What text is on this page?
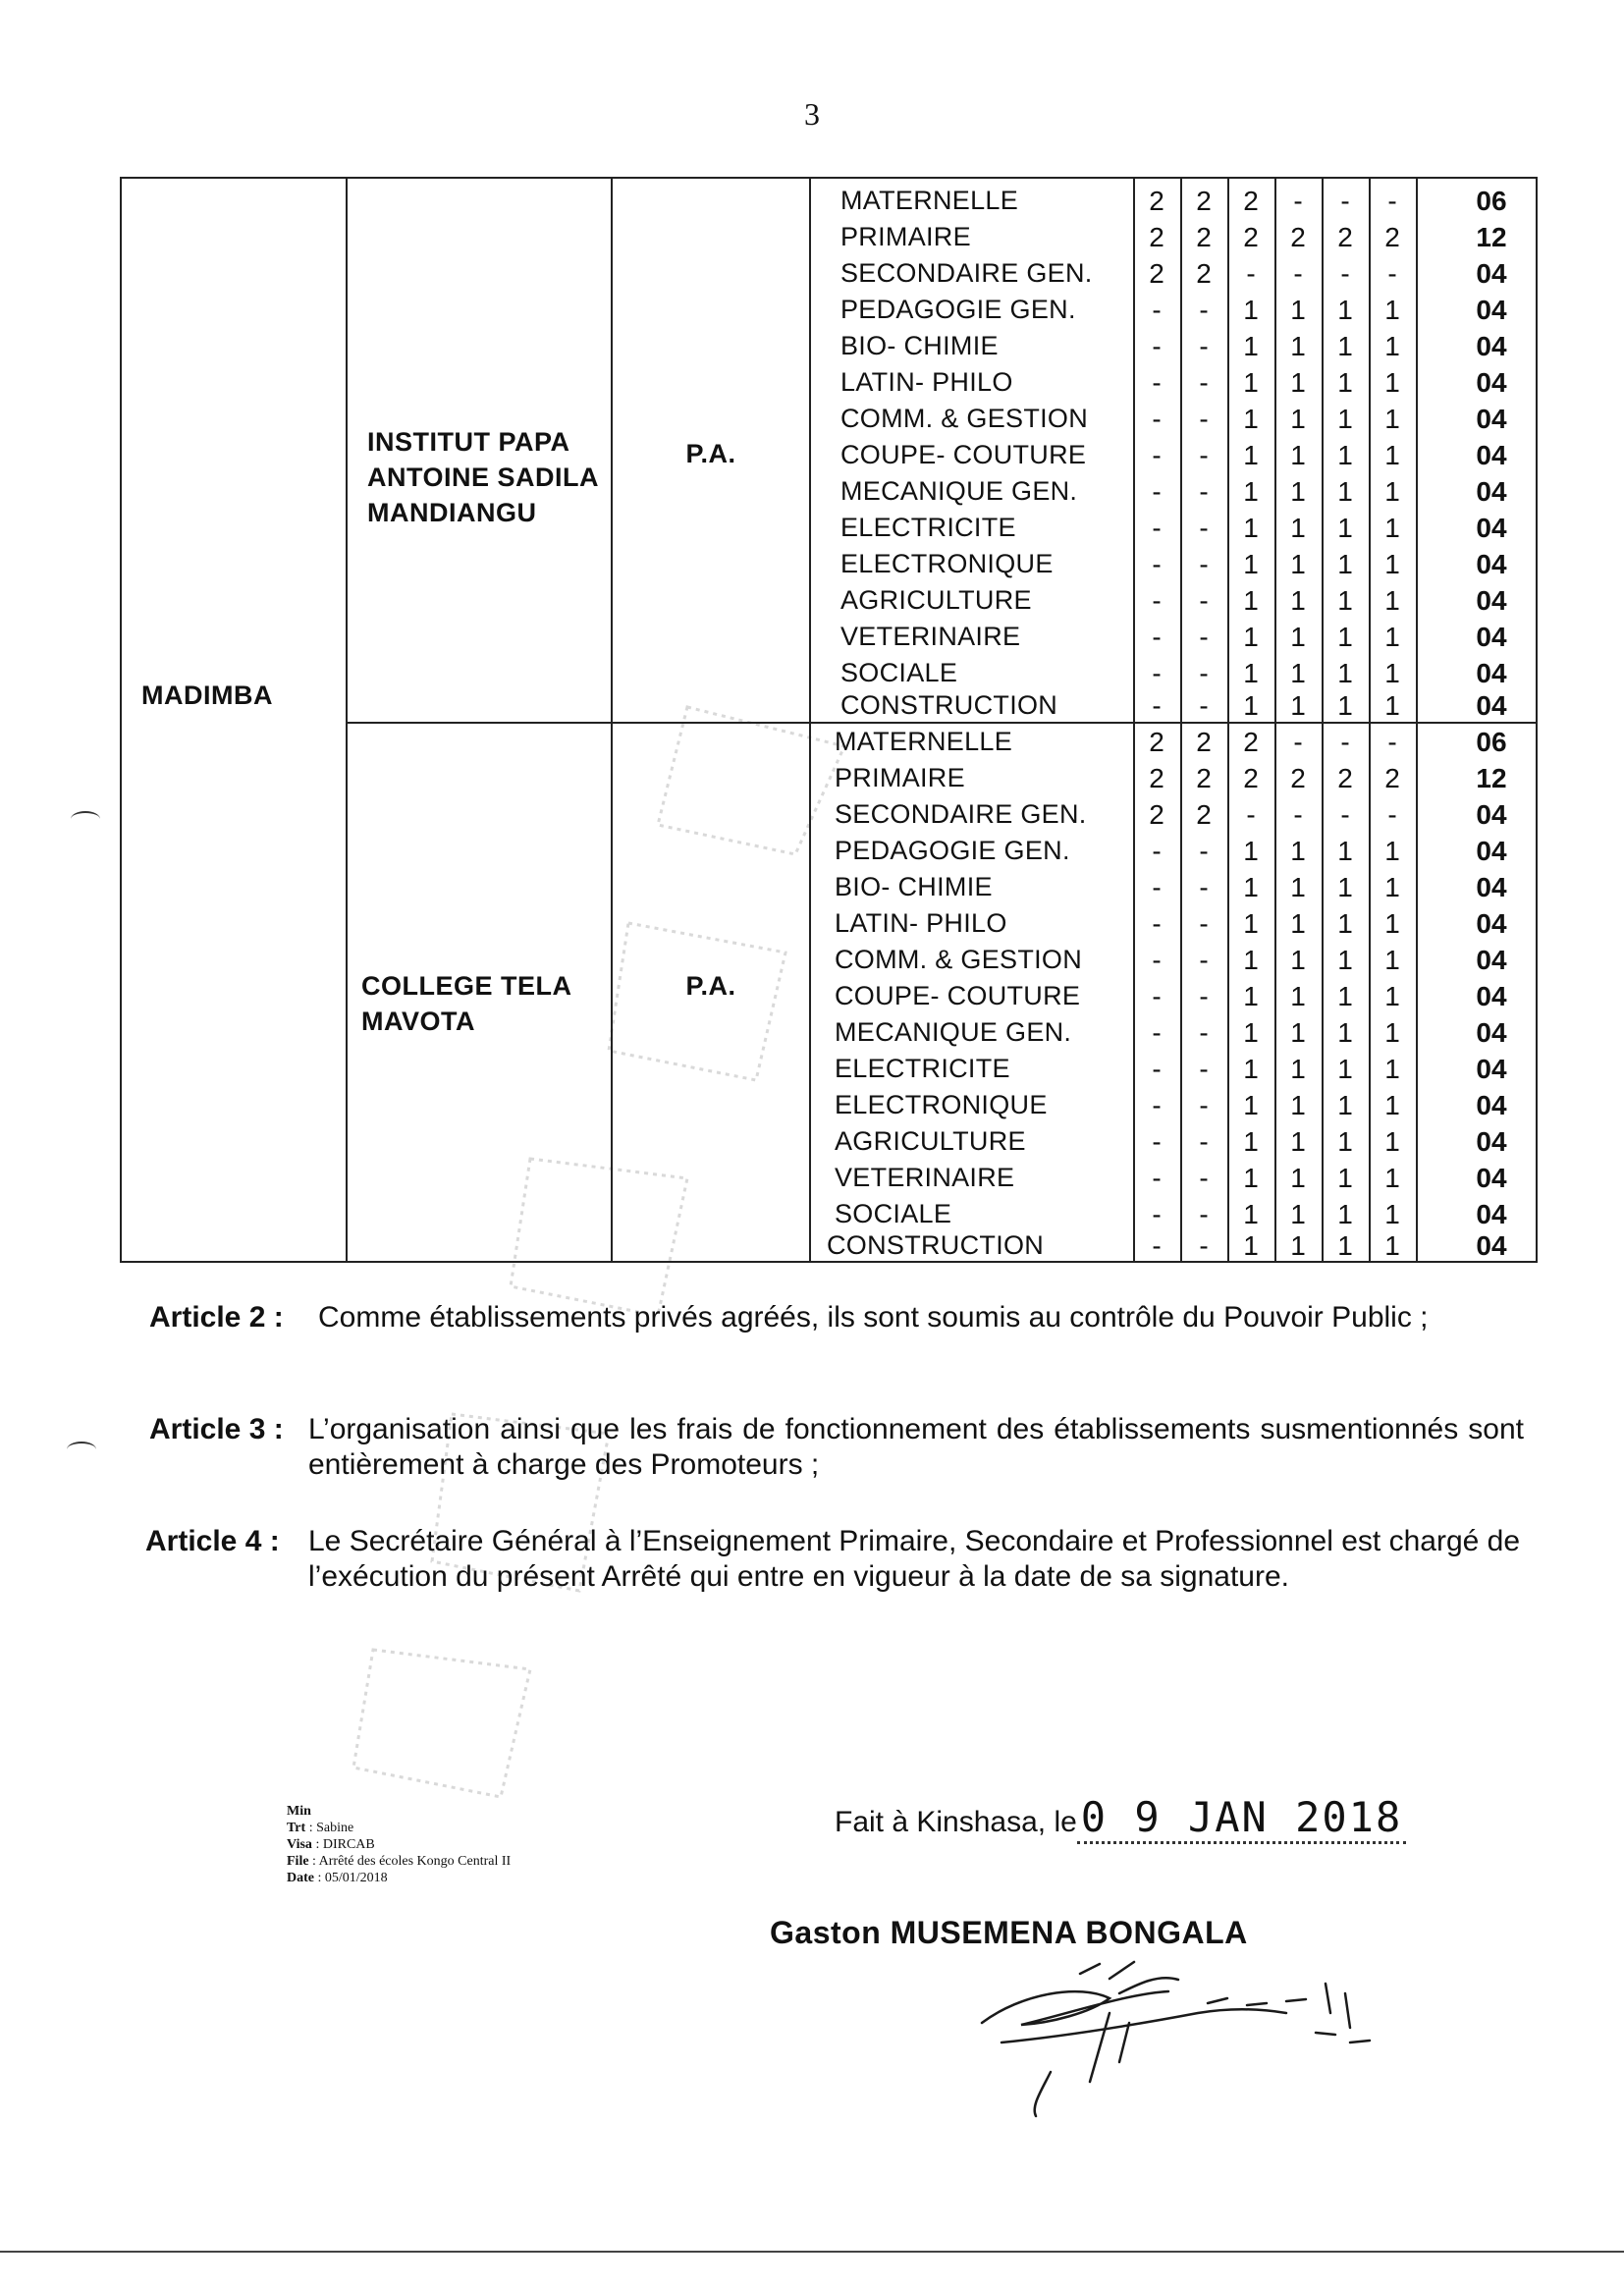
3
MADIMBA
INSTITUT PAPA
ANTOINE SADILA
MANDIANGU
P.A.
MATERNELLE	2	2	2	-	-	-	06
PRIMAIRE	2	2	2	2	2	2	12
SECONDAIRE GEN.	2	2	-	-	-	-	04
PEDAGOGIE GEN.	-	-	1	1	1	1	04
BIO- CHIMIE	-	-	1	1	1	1	04
LATIN- PHILO	-	-	1	1	1	1	04
COMM. & GESTION	-	-	1	1	1	1	04
COUPE- COUTURE	-	-	1	1	1	1	04
MECANIQUE GEN.	-	-	1	1	1	1	04
ELECTRICITE	-	-	1	1	1	1	04
ELECTRONIQUE	-	-	1	1	1	1	04
AGRICULTURE	-	-	1	1	1	1	04
VETERINAIRE	-	-	1	1	1	1	04
SOCIALE	-	-	1	1	1	1	04
CONSTRUCTION	-	-	1	1	1	1	04
COLLEGE TELA
MAVOTA
P.A.
MATERNELLE	2	2	2	-	-	-	06
PRIMAIRE	2	2	2	2	2	2	12
SECONDAIRE GEN.	2	2	-	-	-	-	04
PEDAGOGIE GEN.	-	-	1	1	1	1	04
BIO- CHIMIE	-	-	1	1	1	1	04
LATIN- PHILO	-	-	1	1	1	1	04
COMM. & GESTION	-	-	1	1	1	1	04
COUPE- COUTURE	-	-	1	1	1	1	04
MECANIQUE GEN.	-	-	1	1	1	1	04
ELECTRICITE	-	-	1	1	1	1	04
ELECTRONIQUE	-	-	1	1	1	1	04
AGRICULTURE	-	-	1	1	1	1	04
VETERINAIRE	-	-	1	1	1	1	04
SOCIALE	-	-	1	1	1	1	04
CONSTRUCTION	-	-	1	1	1	1	04
Article 2 : Comme établissements privés agréés, ils sont soumis au contrôle du Pouvoir Public ;
Article 3 : L’organisation ainsi que les frais de fonctionnement des établissements susmentionnés sont entièrement à charge des Promoteurs ;
Article 4 : Le Secrétaire Général à l’Enseignement Primaire, Secondaire et Professionnel est chargé de l’exécution du présent Arrêté qui entre en vigueur à la date de sa signature.
Min
Trt : Sabine
Visa : DIRCAB
File : Arrêté des écoles Kongo Central II
Date : 05/01/2018
Fait à Kinshasa, le0 9 JAN 2018
Gaston MUSEMENA BONGALA
